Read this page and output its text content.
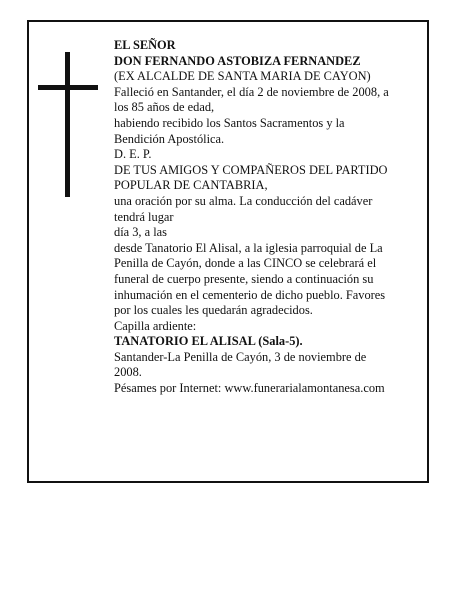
EL SEÑOR
DON FERNANDO ASTOBIZA FERNANDEZ
(EX ALCALDE DE SANTA MARIA DE CAYON)
Falleció en Santander, el día 2 de noviembre de 2008, a
los 85 años de edad,
habiendo recibido los Santos Sacramentos y la
Bendición Apostólica.
D. E. P.
DE TUS AMIGOS Y COMPAÑEROS DEL PARTIDO
POPULAR DE CANTABRIA,
una oración por su alma. La conducción del cadáver
tendrá lugar
día 3, a las
desde Tanatorio El Alisal, a la iglesia parroquial de La
Penilla de Cayón, donde a las CINCO se celebrará el
funeral de cuerpo presente, siendo a continuación su
inhumación en el cementerio de dicho pueblo. Favores
por los cuales les quedarán agradecidos.
Capilla ardiente:
TANATORIO EL ALISAL (Sala-5).
Santander-La Penilla de Cayón, 3 de noviembre de
2008.
Pésames por Internet: www.funerarialamontanesa.com
